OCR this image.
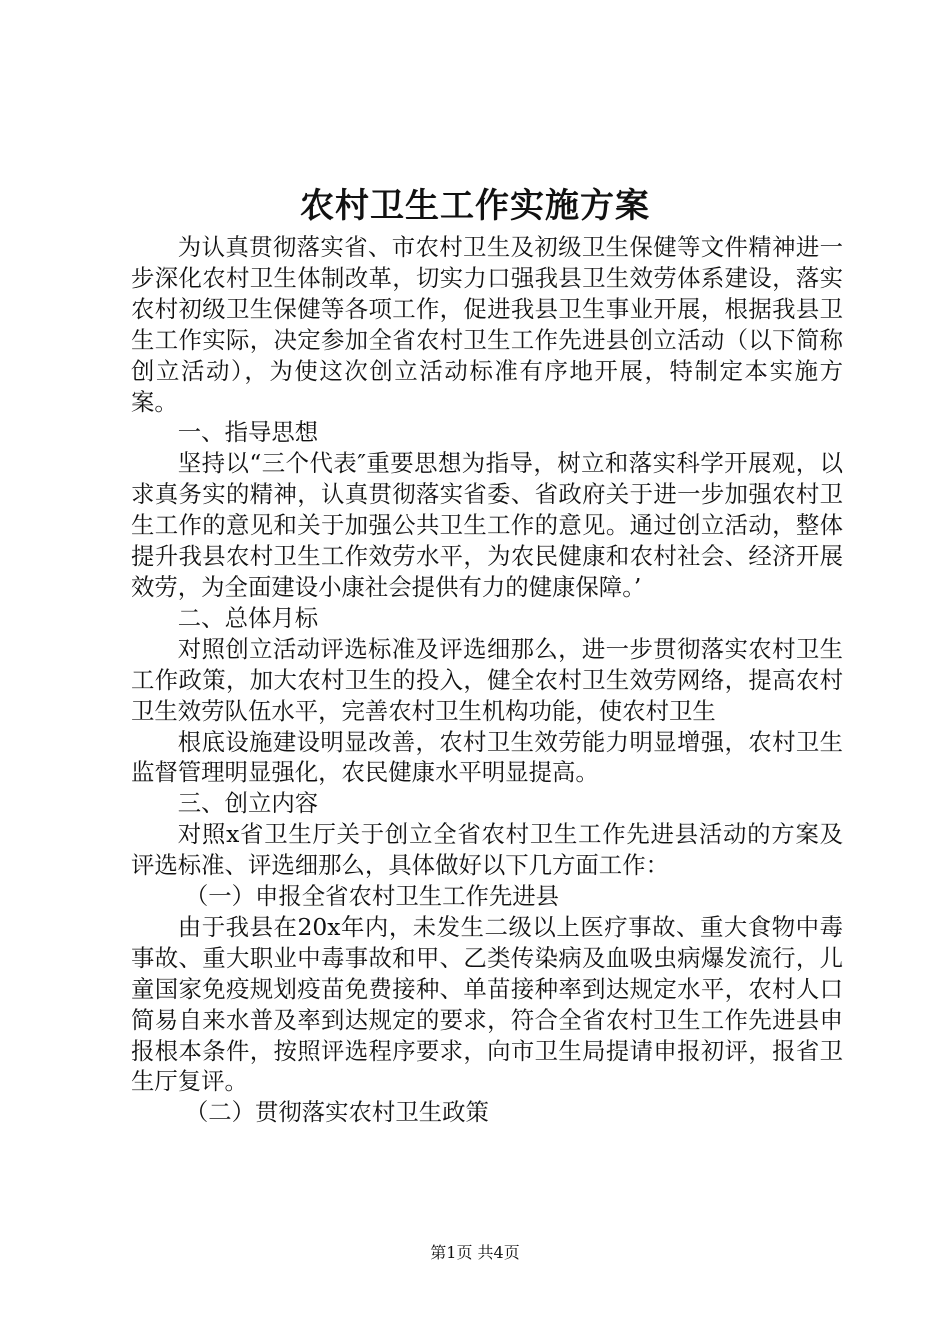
农村卫生工作实施方案

为认真贯彻落实省、市农村卫生及初级卫生保健等文件精神进一步深化农村卫生体制改革，切实力口强我县卫生效劳体系建设，落实农村初级卫生保健等各项工作，促进我县卫生事业开展，根据我县卫生工作实际，决定参加全省农村卫生工作先进县创立活动（以下简称创立活动），为使这次创立活动标准有序地开展，特制定本实施方案。

一、指导思想

坚持以“三个代表″重要思想为指导，树立和落实科学开展观，以求真务实的精神，认真贯彻落实省委、省政府关于进一步加强农村卫生工作的意见和关于加强公共卫生工作的意见。通过创立活动，整体提升我县农村卫生工作效劳水平，为农民健康和农村社会、经济开展效劳，为全面建设小康社会提供有力的健康保障。’

二、总体月标

对照创立活动评选标准及评选细那么，进一步贯彻落实农村卫生工作政策，加大农村卫生的投入，健全农村卫生效劳网络，提高农村卫生效劳队伍水平，完善农村卫生机构功能，使农村卫生

根底设施建设明显改善，农村卫生效劳能力明显增强，农村卫生监督管理明显强化，农民健康水平明显提高。

三、创立内容

对照x省卫生厅关于创立全省农村卫生工作先进县活动的方案及评选标准、评选细那么，具体做好以下几方面工作：

（一）申报全省农村卫生工作先进县

由于我县在20x年内，未发生二级以上医疗事故、重大食物中毒事故、重大职业中毒事故和甲、乙类传染病及血吸虫病爆发流行，儿童国家免疫规划疫苗免费接种、单苗接种率到达规定水平，农村人口简易自来水普及率到达规定的要求，符合全省农村卫生工作先进县申报根本条件，按照评选程序要求，向市卫生局提请申报初评，报省卫生厅复评。

（二）贯彻落实农村卫生政策

第1页 共4页
